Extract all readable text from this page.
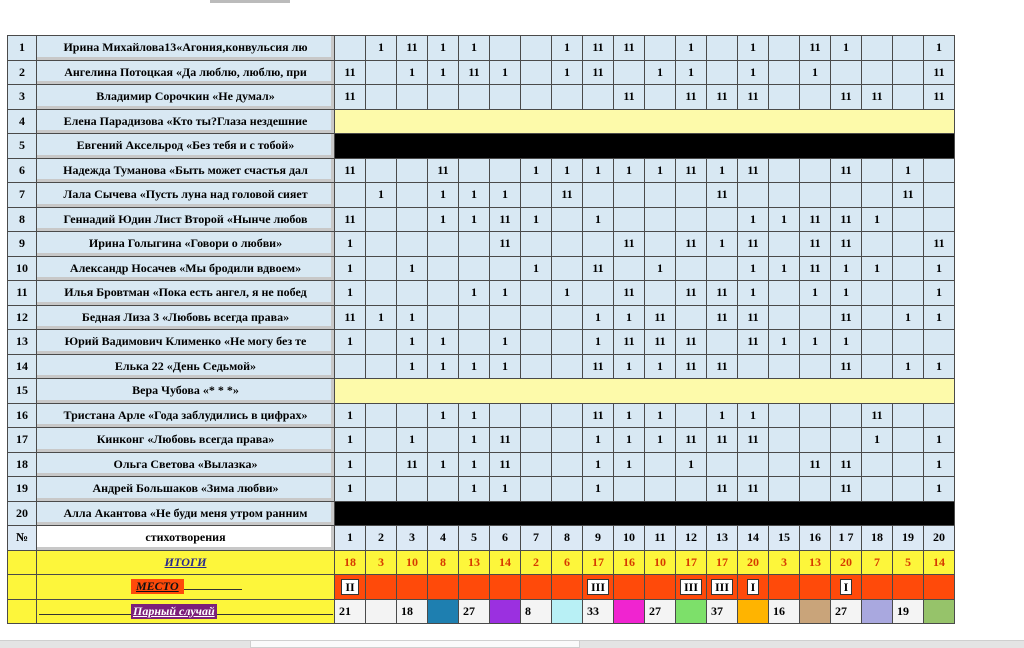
1	Ирина Михайлова13«Агония,конвульсия лю		1	11	1	1			1	11	11		1		1		11	1			1
2	Ангелина Потоцкая «Да люблю, люблю, при	11		1	1	11	1		1	11		1	1		1		1				11
3	Владимир Сорочкин «Не думал»	11									11		11	11	11			11	11		11
4	Елена Парадизова «Кто ты?Глаза нездешние																				
5	Евгений Аксельрод «Без тебя и с тобой»																				
6	Надежда Туманова «Быть может счастья дал	11			11			1	1	1	1	1	11	1	11			11		1	
7	Лала Сычева «Пусть луна над головой сияет		1		1	1	1		11					11						11	
8	Геннадий Юдин Лист Второй «Нынче любов	11			1	1	11	1		1					1	1	11	11	1		
9	Ирина Голыгина «Говори о любви»	1					11				11		11	1	11		11	11			11
10	Александр Носачев «Мы бродили вдвоем»	1		1				1		11		1			1	1	11	1	1		1
11	Илья Бровтман «Пока есть ангел, я не побед	1				1	1		1		11		11	11	1		1	1			1
12	Бедная Лиза 3 «Любовь всегда права»	11	1	1						1	1	11		11	11			11		1	1
13	Юрий Вадимович Клименко «Не могу без те	1		1	1		1			1	11	11	11		11	1	1	1			
14	Елька 22 «День Седьмой»			1	1	1	1			11	1	1	11	11				11		1	1
15	Вера Чубова «* * *»																				
16	Тристана Арле «Года заблудились в цифрах»	1			1	1				11	1	1		1	1				11		
17	Кинконг «Любовь всегда права»	1		1		1	11			1	1	1	11	11	11				1		1
18	Ольга Светова «Вылазка»	1		11	1	1	11			1	1		1				11	11			1
19	Андрей Большаков «Зима любви»	1				1	1			1				11	11			11			1
20	Алла Акантова «Не буди меня утром ранним																				
№	стихотворения	1	2	3	4	5	6	7	8	9	10	11	12	13	14	15	16	1 7	18	19	20
	ИТОГИ	18	3	10	8	13	14	2	6	17	16	10	17	17	20	3	13	20	7	5	14
	МЕСТО	II								III			III	III	I			I			
	Парный случай	21		18		27		8		33		27		37		16		27		19	
